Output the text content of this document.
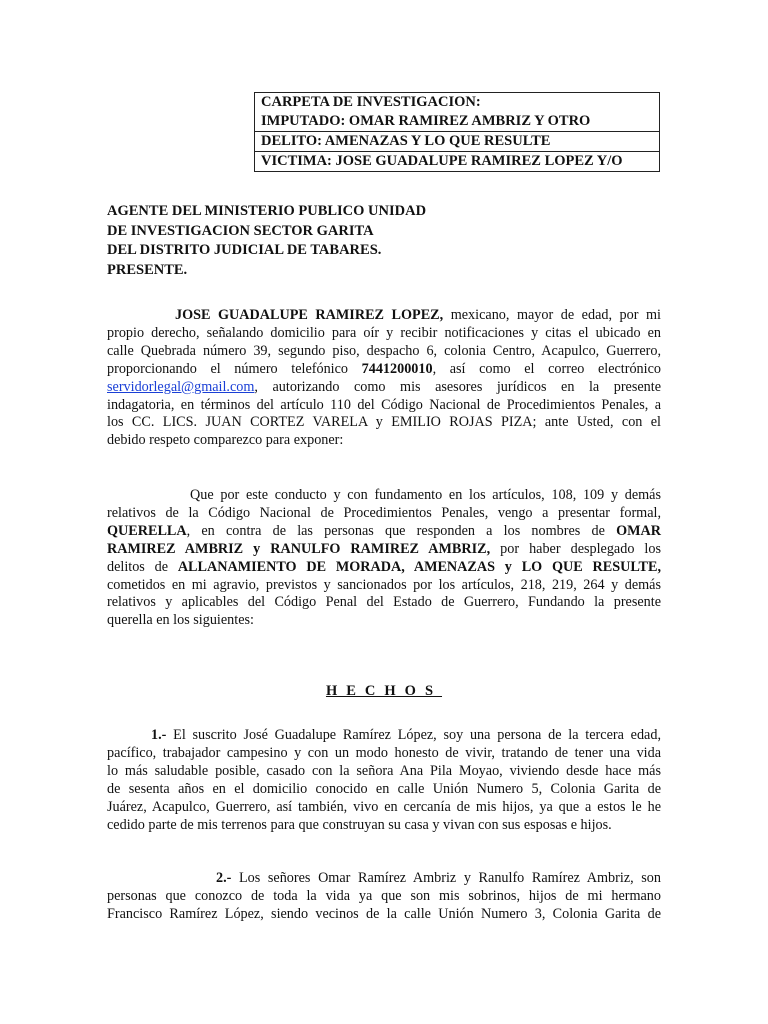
CARPETA DE INVESTIGACION:
IMPUTADO: OMAR RAMIREZ AMBRIZ Y OTRO
DELITO: AMENAZAS Y LO QUE RESULTE
VICTIMA: JOSE GUADALUPE RAMIREZ LOPEZ Y/O
AGENTE DEL MINISTERIO PUBLICO UNIDAD
DE INVESTIGACION SECTOR GARITA
DEL DISTRITO JUDICIAL DE TABARES.
PRESENTE.
JOSE GUADALUPE RAMIREZ LOPEZ, mexicano, mayor de edad, por mi
propio derecho, señalando domicilio para oír y recibir notificaciones y citas el ubicado en
calle Quebrada número 39, segundo piso, despacho 6, colonia Centro, Acapulco, Guerrero,
proporcionando el número telefónico 7441200010, así como el correo electrónico
servidorlegal@gmail.com, autorizando como mis asesores jurídicos en la presente
indagatoria, en términos del artículo 110 del Código Nacional de Procedimientos Penales, a
los CC. LICS. JUAN CORTEZ VARELA y EMILIO ROJAS PIZA; ante Usted, con el
debido respeto comparezco para exponer:
Que por este conducto y con fundamento en los artículos, 108, 109 y demás
relativos de la Código Nacional de Procedimientos Penales, vengo a presentar formal,
QUERELLA, en contra de las personas que responden a los nombres de OMAR
RAMIREZ AMBRIZ y RANULFO RAMIREZ AMBRIZ, por haber desplegado los
delitos de ALLANAMIENTO DE MORADA, AMENAZAS y LO QUE RESULTE,
cometidos en mi agravio, previstos y sancionados por los artículos, 218, 219, 264 y demás
relativos y aplicables del Código Penal del Estado de Guerrero, Fundando la presente
querella en los siguientes:
HECHOS
1.- El suscrito José Guadalupe Ramírez López, soy una persona de la tercera edad,
pacífico, trabajador campesino y con un modo honesto de vivir, tratando de tener una vida
lo más saludable posible, casado con la señora Ana Pila Moyao, viviendo desde hace más
de sesenta años en el domicilio conocido en calle Unión Numero 5, Colonia Garita de
Juárez, Acapulco, Guerrero, así también, vivo en cercanía de mis hijos, ya que a estos le he
cedido parte de mis terrenos para que construyan su casa y vivan con sus esposas e hijos.
2.- Los señores Omar Ramírez Ambriz y Ranulfo Ramírez Ambriz, son
personas que conozco de toda la vida ya que son mis sobrinos, hijos de mi hermano
Francisco Ramírez López, siendo vecinos de la calle Unión Numero 3, Colonia Garita de
